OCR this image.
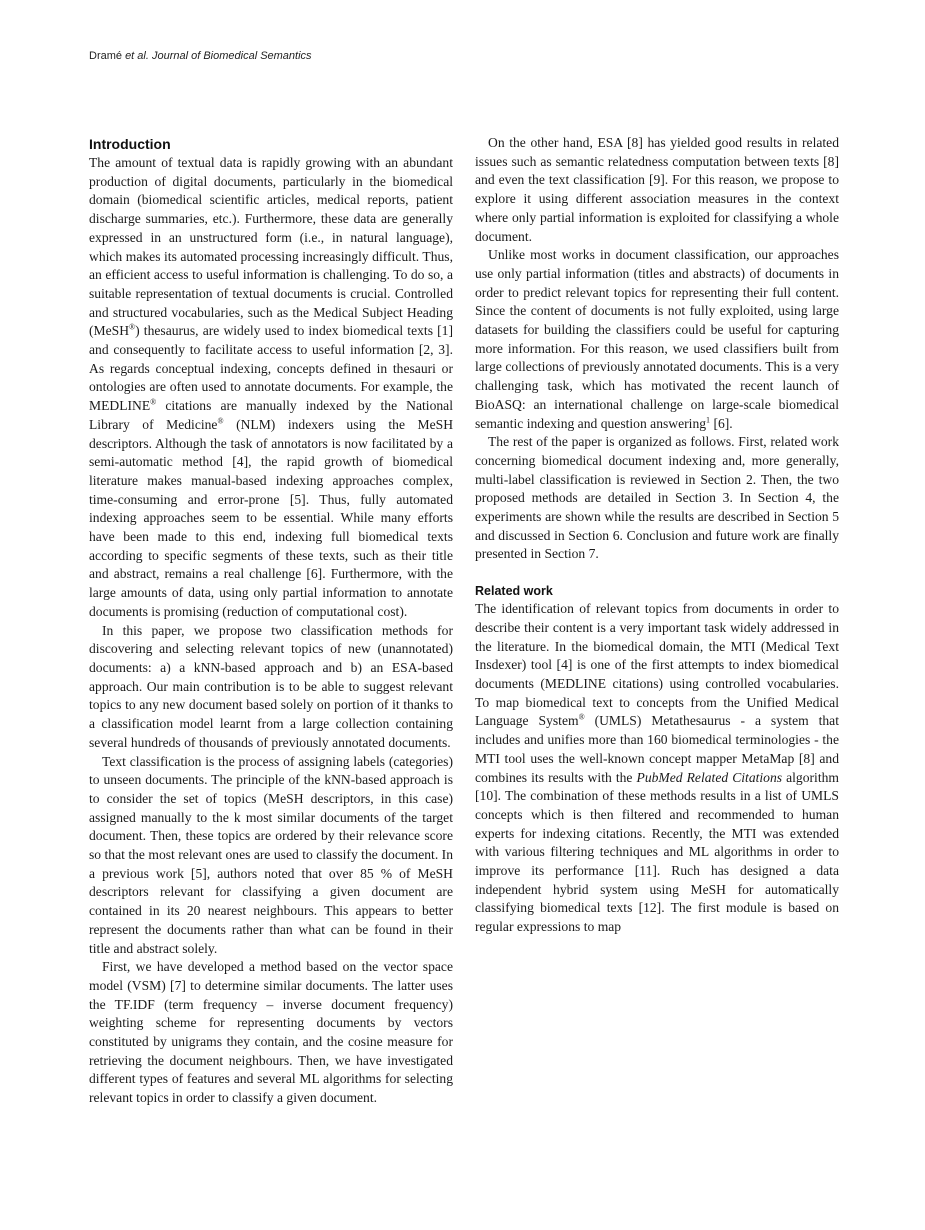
Dramé et al. Journal of Biomedical Semantics
Introduction

The amount of textual data is rapidly growing with an abundant production of digital documents, particularly in the biomedical domain (biomedical scientific articles, medical reports, patient discharge summaries, etc.). Furthermore, these data are generally expressed in an unstructured form (i.e., in natural language), which makes its automated processing increasingly difficult. Thus, an efficient access to useful information is challenging. To do so, a suitable representation of textual documents is crucial. Controlled and structured vocabularies, such as the Medical Subject Heading (MeSH®) thesaurus, are widely used to index biomedical texts [1] and consequently to facilitate access to useful information [2, 3]. As regards conceptual indexing, concepts defined in thesauri or ontologies are often used to annotate documents. For example, the MEDLINE® citations are manually indexed by the National Library of Medicine® (NLM) indexers using the MeSH descriptors. Although the task of annotators is now facilitated by a semi-automatic method [4], the rapid growth of biomedical literature makes manual-based indexing approaches complex, time-consuming and error-prone [5]. Thus, fully automated indexing approaches seem to be essential. While many efforts have been made to this end, indexing full biomedical texts according to specific segments of these texts, such as their title and abstract, remains a real challenge [6]. Furthermore, with the large amounts of data, using only partial information to annotate documents is promising (reduction of computational cost).

In this paper, we propose two classification methods for discovering and selecting relevant topics of new (unannotated) documents: a) a kNN-based approach and b) an ESA-based approach. Our main contribution is to be able to suggest relevant topics to any new document based solely on portion of it thanks to a classification model learnt from a large collection containing several hundreds of thousands of previously annotated documents.

Text classification is the process of assigning labels (categories) to unseen documents. The principle of the kNN-based approach is to consider the set of topics (MeSH descriptors, in this case) assigned manually to the k most similar documents of the target document. Then, these topics are ordered by their relevance score so that the most relevant ones are used to classify the document. In a previous work [5], authors noted that over 85 % of MeSH descriptors relevant for classifying a given document are contained in its 20 nearest neighbours. This appears to better represent the documents rather than what can be found in their title and abstract solely.

First, we have developed a method based on the vector space model (VSM) [7] to determine similar documents. The latter uses the TF.IDF (term frequency – inverse document frequency) weighting scheme for representing documents by vectors constituted by unigrams they contain, and the cosine measure for retrieving the document neighbours. Then, we have investigated different types of features and several ML algorithms for selecting relevant topics in order to classify a given document.

On the other hand, ESA [8] has yielded good results in related issues such as semantic relatedness computation between texts [8] and even the text classification [9]. For this reason, we propose to explore it using different association measures in the context where only partial information is exploited for classifying a whole document.

Unlike most works in document classification, our approaches use only partial information (titles and abstracts) of documents in order to predict relevant topics for representing their full content. Since the content of documents is not fully exploited, using large datasets for building the classifiers could be useful for capturing more information. For this reason, we used classifiers built from large collections of previously annotated documents. This is a very challenging task, which has motivated the recent launch of BioASQ: an international challenge on large-scale biomedical semantic indexing and question answering$^1$ [6].

The rest of the paper is organized as follows. First, related work concerning biomedical document indexing and, more generally, multi-label classification is reviewed in Section 2. Then, the two proposed methods are detailed in Section 3. In Section 4, the experiments are shown while the results are described in Section 5 and discussed in Section 6. Conclusion and future work are finally presented in Section 7.

Related work

The identification of relevant topics from documents in order to describe their content is a very important task widely addressed in the literature. In the biomedical domain, the MTI (Medical Text Insdexer) tool [4] is one of the first attempts to index biomedical documents (MEDLINE citations) using controlled vocabularies. To map biomedical text to concepts from the Unified Medical Language System® (UMLS) Metathesaurus - a system that includes and unifies more than 160 biomedical terminologies - the MTI tool uses the well-known concept mapper MetaMap [8] and combines its results with the PubMed Related Citations algorithm [10]. The combination of these methods results in a list of UMLS concepts which is then filtered and recommended to human experts for indexing citations. Recently, the MTI was extended with various filtering techniques and ML algorithms in order to improve its performance [11]. Ruch has designed a data independent hybrid system using MeSH for automatically classifying biomedical texts [12]. The first module is based on regular expressions to map
